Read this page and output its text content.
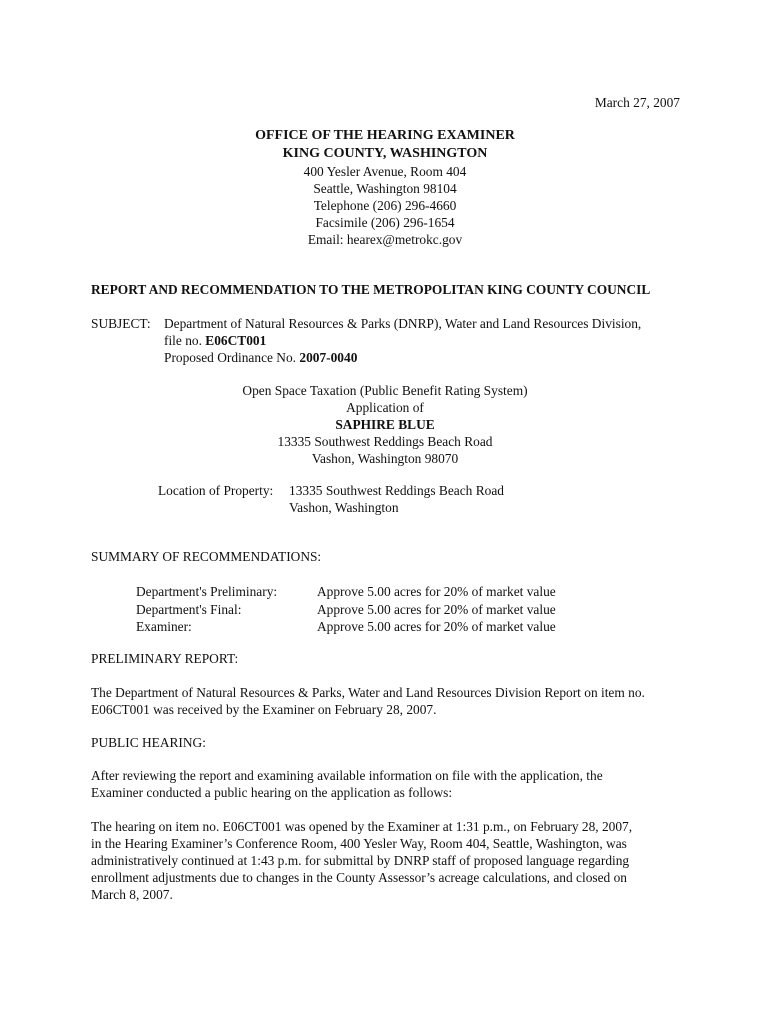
March 27, 2007
OFFICE OF THE HEARING EXAMINER
KING COUNTY, WASHINGTON
400 Yesler Avenue, Room 404
Seattle, Washington 98104
Telephone (206) 296-4660
Facsimile (206) 296-1654
Email: hearex@metrokc.gov
REPORT AND RECOMMENDATION TO THE METROPOLITAN KING COUNTY COUNCIL
SUBJECT: Department of Natural Resources & Parks (DNRP), Water and Land Resources Division,
file no. E06CT001
Proposed Ordinance No. 2007-0040
Open Space Taxation (Public Benefit Rating System)
Application of
SAPHIRE BLUE
13335 Southwest Reddings Beach Road
Vashon, Washington 98070
Location of Property: 13335 Southwest Reddings Beach Road
Vashon, Washington
SUMMARY OF RECOMMENDATIONS:
Department's Preliminary:	Approve 5.00 acres for 20% of market value
Department's Final:	Approve 5.00 acres for 20% of market value
Examiner:	Approve 5.00 acres for 20% of market value
PRELIMINARY REPORT:
The Department of Natural Resources & Parks, Water and Land Resources Division Report on item no.
E06CT001 was received by the Examiner on February 28, 2007.
PUBLIC HEARING:
After reviewing the report and examining available information on file with the application, the
Examiner conducted a public hearing on the application as follows:
The hearing on item no. E06CT001 was opened by the Examiner at 1:31 p.m., on February 28, 2007,
in the Hearing Examiner’s Conference Room, 400 Yesler Way, Room 404, Seattle, Washington, was
administratively continued at 1:43 p.m. for submittal by DNRP staff of proposed language regarding
enrollment adjustments due to changes in the County Assessor’s acreage calculations, and closed on
March 8, 2007.
